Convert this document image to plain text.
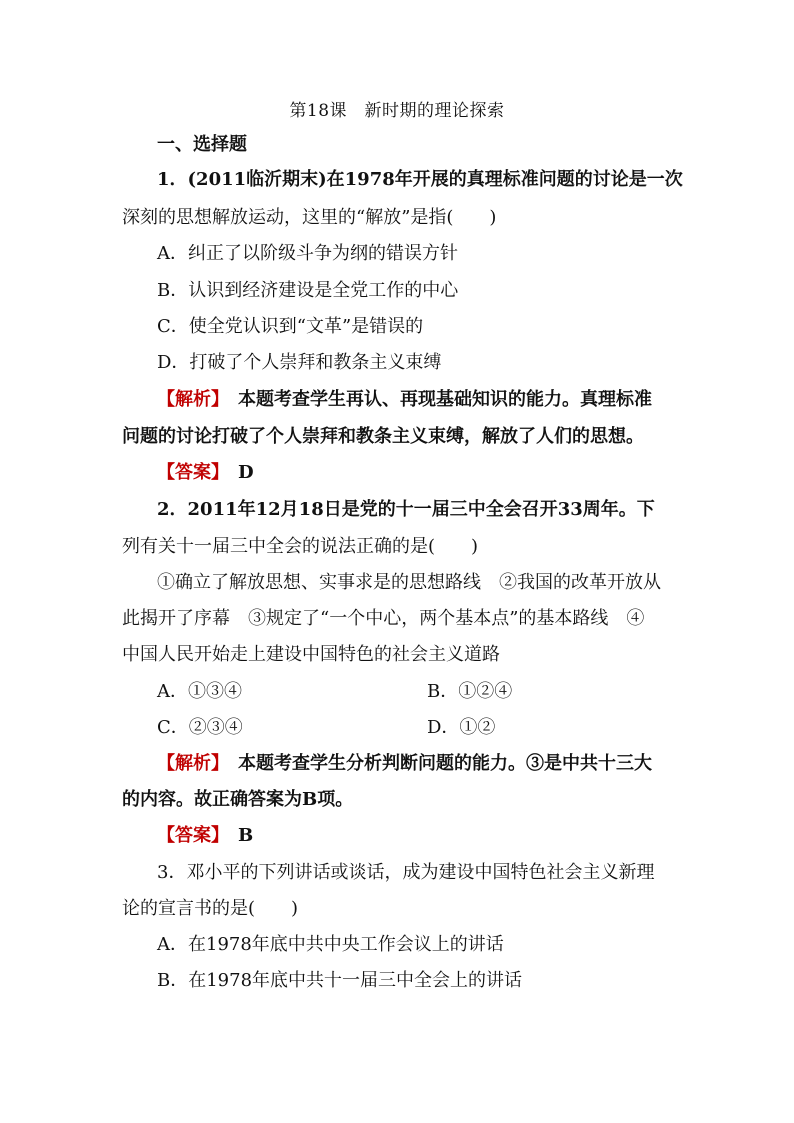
第18课　新时期的理论探索
一、选择题
1．(2011临沂期末)在1978年开展的真理标准问题的讨论是一次
深刻的思想解放运动，这里的“解放”是指(　　)
A．纠正了以阶级斗争为纲的错误方针
B．认识到经济建设是全党工作的中心
C．使全党认识到“文革”是错误的
D．打破了个人崇拜和教条主义束缚
【解析】　本题考查学生再认、再现基础知识的能力。真理标准
问题的讨论打破了个人崇拜和教条主义束缚，解放了人们的思想。
【答案】　D
2．2011年12月18日是党的十一届三中全会召开33周年。下
列有关十一届三中全会的说法正确的是(　　)
①确立了解放思想、实事求是的思想路线　②我国的改革开放从
此揭开了序幕　③规定了“一个中心，两个基本点”的基本路线　④
中国人民开始走上建设中国特色的社会主义道路
A．①③④	B．①②④
C．②③④	D．①②
【解析】　本题考查学生分析判断问题的能力。③是中共十三大
的内容。故正确答案为B项。
【答案】　B
3．邓小平的下列讲话或谈话，成为建设中国特色社会主义新理
论的宣言书的是(　　)
A．在1978年底中共中央工作会议上的讲话
B．在1978年底中共十一届三中全会上的讲话
